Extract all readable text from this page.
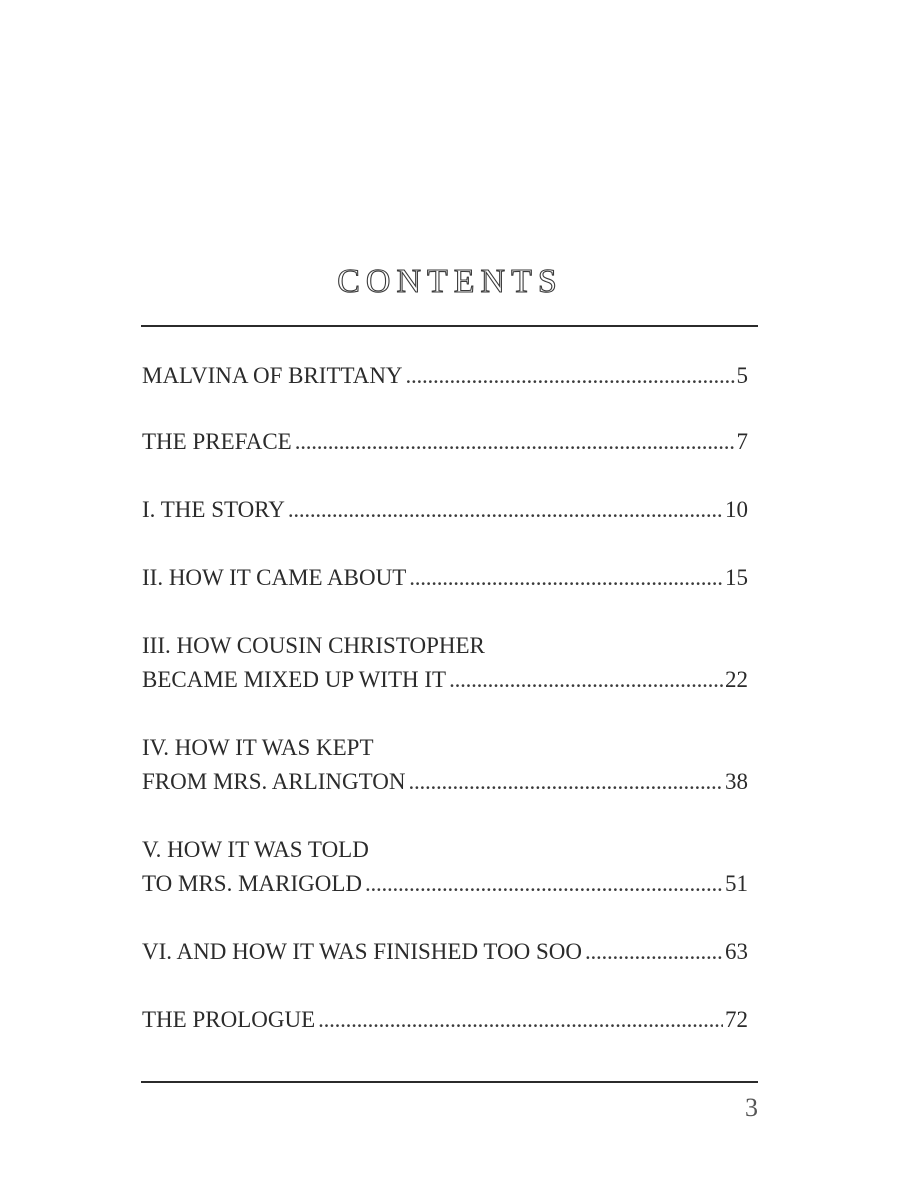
CONTENTS
MALVINA OF BRITTANY . . .	5
THE PREFACE . . .	7
I. THE STORY . . .	10
II. HOW IT CAME ABOUT . . .	15
III. HOW COUSIN CHRISTOPHER
BECAME MIXED UP WITH IT . . .	22
IV. HOW IT WAS KEPT
FROM MRS. ARLINGTON . . .	38
V. HOW IT WAS TOLD
TO MRS. MARIGOLD . . .	51
VI. AND HOW IT WAS FINISHED TOO SOO . . .	63
THE PROLOGUE . . .	72
3
